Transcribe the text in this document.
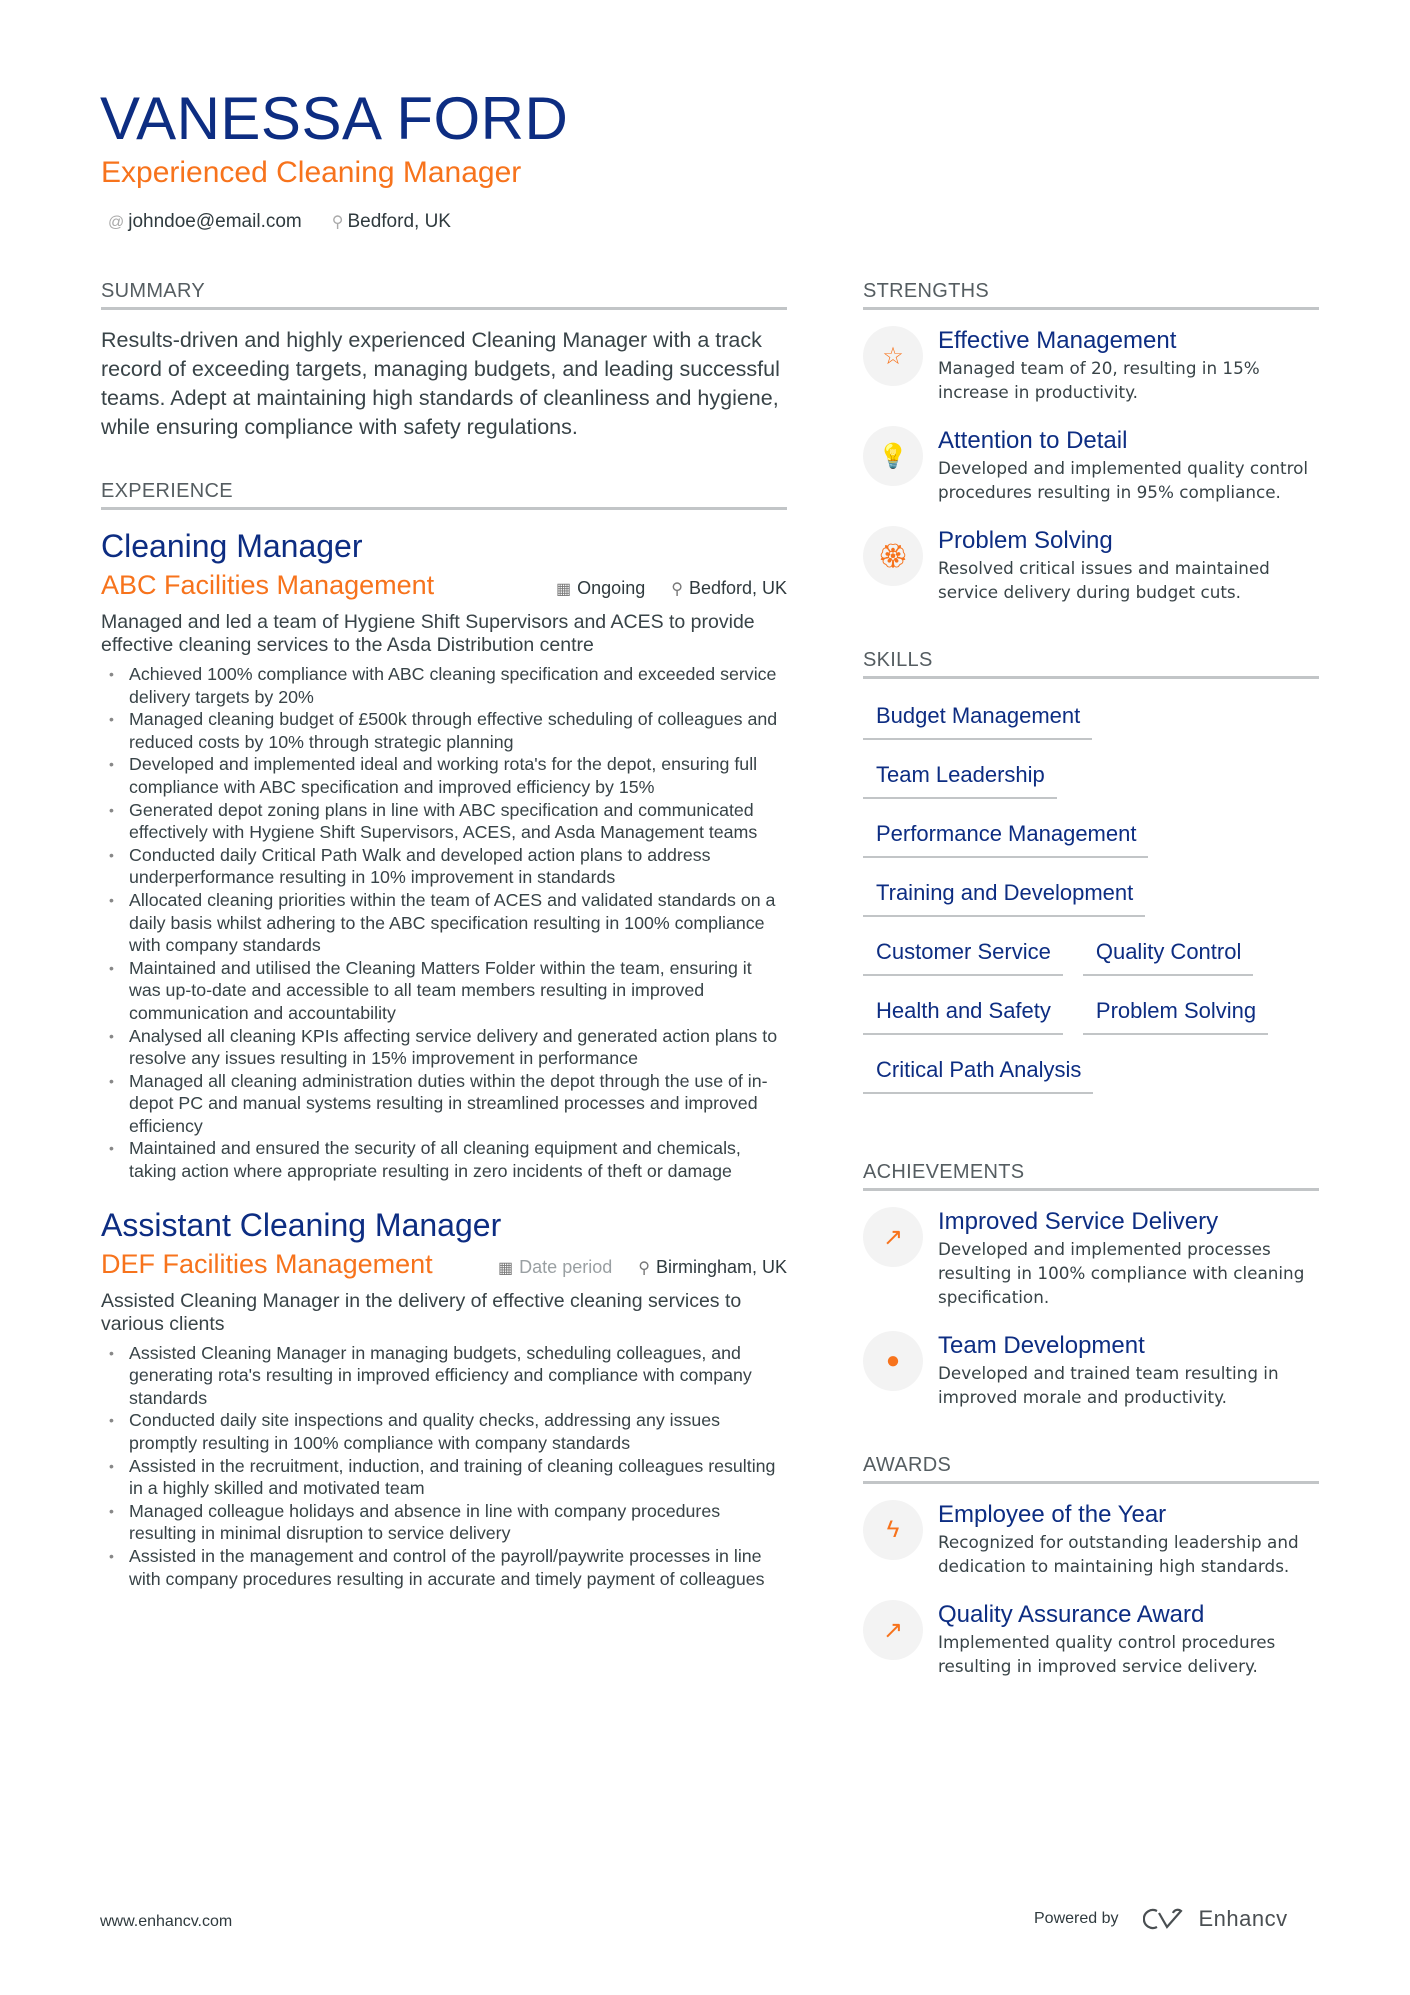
VANESSA FORD
Experienced Cleaning Manager
@ johndoe@email.com ⚲ Bedford, UK
SUMMARY

Results-driven and highly experienced Cleaning Manager with a track record of exceeding targets, managing budgets, and leading successful teams. Adept at maintaining high standards of cleanliness and hygiene, while ensuring compliance with safety regulations.

EXPERIENCE
Cleaning Manager
ABC Facilities Management	▦ Ongoing ⚲ Bedford, UK
Managed and led a team of Hygiene Shift Supervisors and ACES to provide effective cleaning services to the Asda Distribution centre
• Achieved 100% compliance with ABC cleaning specification and exceeded service delivery targets by 20%
• Managed cleaning budget of £500k through effective scheduling of colleagues and reduced costs by 10% through strategic planning
• Developed and implemented ideal and working rota's for the depot, ensuring full compliance with ABC specification and improved efficiency by 15%
• Generated depot zoning plans in line with ABC specification and communicated effectively with Hygiene Shift Supervisors, ACES, and Asda Management teams
• Conducted daily Critical Path Walk and developed action plans to address underperformance resulting in 10% improvement in standards
• Allocated cleaning priorities within the team of ACES and validated standards on a daily basis whilst adhering to the ABC specification resulting in 100% compliance with company standards
• Maintained and utilised the Cleaning Matters Folder within the team, ensuring it was up-to-date and accessible to all team members resulting in improved communication and accountability
• Analysed all cleaning KPIs affecting service delivery and generated action plans to resolve any issues resulting in 15% improvement in performance
• Managed all cleaning administration duties within the depot through the use of in-depot PC and manual systems resulting in streamlined processes and improved efficiency
• Maintained and ensured the security of all cleaning equipment and chemicals, taking action where appropriate resulting in zero incidents of theft or damage
Assistant Cleaning Manager
DEF Facilities Management	▦ Date period ⚲ Birmingham, UK
Assisted Cleaning Manager in the delivery of effective cleaning services to various clients
• Assisted Cleaning Manager in managing budgets, scheduling colleagues, and generating rota's resulting in improved efficiency and compliance with company standards
• Conducted daily site inspections and quality checks, addressing any issues promptly resulting in 100% compliance with company standards
• Assisted in the recruitment, induction, and training of cleaning colleagues resulting in a highly skilled and motivated team
• Managed colleague holidays and absence in line with company procedures resulting in minimal disruption to service delivery
• Assisted in the management and control of the payroll/paywrite processes in line with company procedures resulting in accurate and timely payment of colleagues
STRENGTHS
☆
Effective Management
Managed team of 20, resulting in 15% increase in productivity.
💡
Attention to Detail
Developed and implemented quality control procedures resulting in 95% compliance.
🏵
Problem Solving
Resolved critical issues and maintained service delivery during budget cuts.
SKILLS
Budget Management
Team Leadership
Performance Management
Training and Development
Customer Service	Quality Control
Health and Safety	Problem Solving
Critical Path Analysis
ACHIEVEMENTS
↗
Improved Service Delivery
Developed and implemented processes resulting in 100% compliance with cleaning specification.
●
Team Development
Developed and trained team resulting in improved morale and productivity.
AWARDS
ϟ
Employee of the Year
Recognized for outstanding leadership and dedication to maintaining high standards.
↗
Quality Assurance Award
Implemented quality control procedures resulting in improved service delivery.
www.enhancv.com	Powered by	Enhancv
